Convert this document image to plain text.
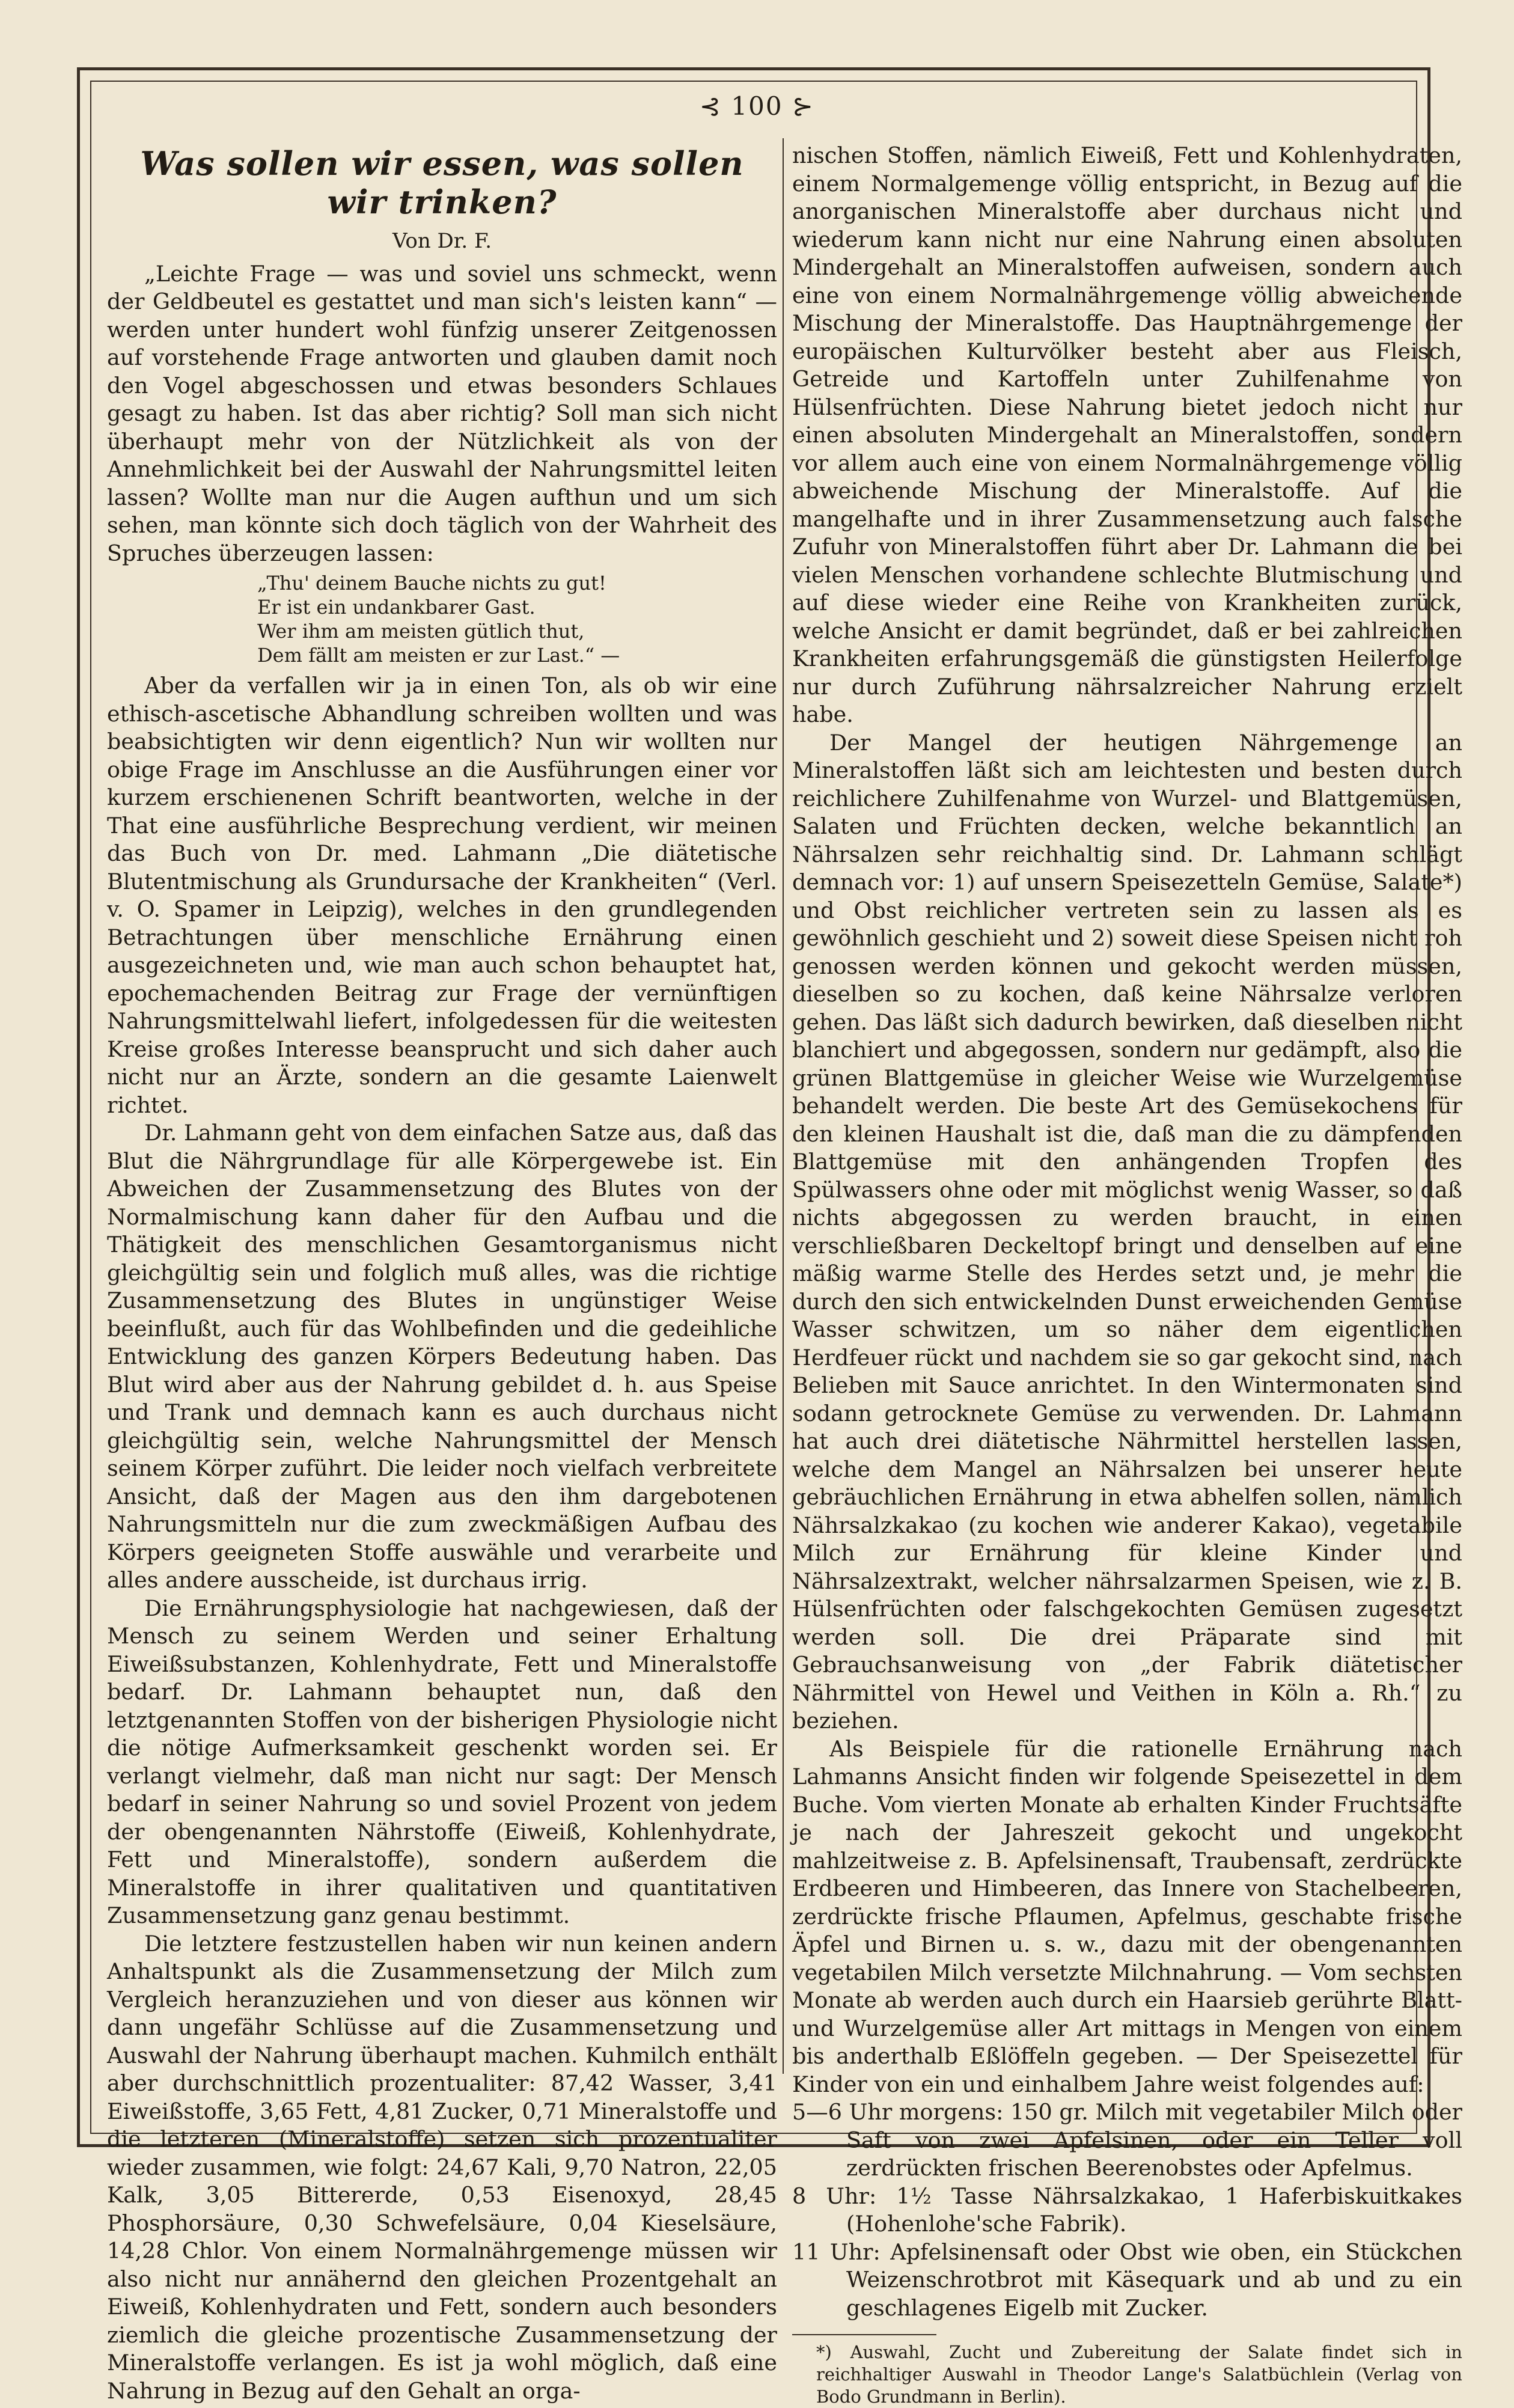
⊰ 100 ⊱
Was sollen wir essen, was sollen wir trinken?
Von Dr. F.

„Leichte Frage — was und soviel uns schmeckt, wenn der Geldbeutel es gestattet und man sich's leisten kann“ — werden unter hundert wohl fünfzig unserer Zeitgenossen auf vorstehende Frage antworten und glauben damit noch den Vogel abgeschossen und etwas besonders Schlaues gesagt zu haben. Ist das aber richtig? Soll man sich nicht überhaupt mehr von der Nützlichkeit als von der Annehmlichkeit bei der Auswahl der Nahrungsmittel leiten lassen? Wollte man nur die Augen aufthun und um sich sehen, man könnte sich doch täglich von der Wahrheit des Spruches überzeugen lassen:

„Thu' deinem Bauche nichts zu gut!
Er ist ein undankbarer Gast.
Wer ihm am meisten gütlich thut,
Dem fällt am meisten er zur Last.“ —

Aber da verfallen wir ja in einen Ton, als ob wir eine ethisch-ascetische Abhandlung schreiben wollten und was beabsichtigten wir denn eigentlich? Nun wir wollten nur obige Frage im Anschlusse an die Ausführungen einer vor kurzem erschienenen Schrift beantworten, welche in der That eine ausführliche Besprechung verdient, wir meinen das Buch von Dr. med. Lahmann „Die diätetische Blutentmischung als Grundursache der Krankheiten“ (Verl. v. O. Spamer in Leipzig), welches in den grundlegenden Betrachtungen über menschliche Ernährung einen ausgezeichneten und, wie man auch schon behauptet hat, epochemachenden Beitrag zur Frage der vernünftigen Nahrungsmittelwahl liefert, infolgedessen für die weitesten Kreise großes Interesse beansprucht und sich daher auch nicht nur an Ärzte, sondern an die gesamte Laienwelt richtet.

Dr. Lahmann geht von dem einfachen Satze aus, daß das Blut die Nährgrundlage für alle Körpergewebe ist. Ein Abweichen der Zusammensetzung des Blutes von der Normalmischung kann daher für den Aufbau und die Thätigkeit des menschlichen Gesamtorganismus nicht gleichgültig sein und folglich muß alles, was die richtige Zusammensetzung des Blutes in ungünstiger Weise beeinflußt, auch für das Wohlbefinden und die gedeihliche Entwicklung des ganzen Körpers Bedeutung haben. Das Blut wird aber aus der Nahrung gebildet d. h. aus Speise und Trank und demnach kann es auch durchaus nicht gleichgültig sein, welche Nahrungsmittel der Mensch seinem Körper zuführt. Die leider noch vielfach verbreitete Ansicht, daß der Magen aus den ihm dargebotenen Nahrungsmitteln nur die zum zweckmäßigen Aufbau des Körpers geeigneten Stoffe auswähle und verarbeite und alles andere ausscheide, ist durchaus irrig.

Die Ernährungsphysiologie hat nachgewiesen, daß der Mensch zu seinem Werden und seiner Erhaltung Eiweißsubstanzen, Kohlenhydrate, Fett und Mineralstoffe bedarf. Dr. Lahmann behauptet nun, daß den letztgenannten Stoffen von der bisherigen Physiologie nicht die nötige Aufmerksamkeit geschenkt worden sei. Er verlangt vielmehr, daß man nicht nur sagt: Der Mensch bedarf in seiner Nahrung so und soviel Prozent von jedem der obengenannten Nährstoffe (Eiweiß, Kohlenhydrate, Fett und Mineralstoffe), sondern außerdem die Mineralstoffe in ihrer qualitativen und quantitativen Zusammensetzung ganz genau bestimmt.

Die letztere festzustellen haben wir nun keinen andern Anhaltspunkt als die Zusammensetzung der Milch zum Vergleich heranzuziehen und von dieser aus können wir dann ungefähr Schlüsse auf die Zusammensetzung und Auswahl der Nahrung überhaupt machen. Kuhmilch enthält aber durchschnittlich prozentualiter: 87,42 Wasser, 3,41 Eiweißstoffe, 3,65 Fett, 4,81 Zucker, 0,71 Mineralstoffe und die letzteren (Mineralstoffe) setzen sich prozentualiter wieder zusammen, wie folgt: 24,67 Kali, 9,70 Natron, 22,05 Kalk, 3,05 Bittererde, 0,53 Eisenoxyd, 28,45 Phosphorsäure, 0,30 Schwefelsäure, 0,04 Kieselsäure, 14,28 Chlor. Von einem Normalnährgemenge müssen wir also nicht nur annähernd den gleichen Prozentgehalt an Eiweiß, Kohlenhydraten und Fett, sondern auch besonders ziemlich die gleiche prozentische Zusammensetzung der Mineralstoffe verlangen. Es ist ja wohl möglich, daß eine Nahrung in Bezug auf den Gehalt an orga-

nischen Stoffen, nämlich Eiweiß, Fett und Kohlenhydraten, einem Normalgemenge völlig entspricht, in Bezug auf die anorganischen Mineralstoffe aber durchaus nicht und wiederum kann nicht nur eine Nahrung einen absoluten Mindergehalt an Mineralstoffen aufweisen, sondern auch eine von einem Normalnährgemenge völlig abweichende Mischung der Mineralstoffe. Das Hauptnährgemenge der europäischen Kulturvölker besteht aber aus Fleisch, Getreide und Kartoffeln unter Zuhilfenahme von Hülsenfrüchten. Diese Nahrung bietet jedoch nicht nur einen absoluten Mindergehalt an Mineralstoffen, sondern vor allem auch eine von einem Normalnährgemenge völlig abweichende Mischung der Mineralstoffe. Auf die mangelhafte und in ihrer Zusammensetzung auch falsche Zufuhr von Mineralstoffen führt aber Dr. Lahmann die bei vielen Menschen vorhandene schlechte Blutmischung und auf diese wieder eine Reihe von Krankheiten zurück, welche Ansicht er damit begründet, daß er bei zahlreichen Krankheiten erfahrungsgemäß die günstigsten Heilerfolge nur durch Zuführung nährsalzreicher Nahrung erzielt habe.

Der Mangel der heutigen Nährgemenge an Mineralstoffen läßt sich am leichtesten und besten durch reichlichere Zuhilfenahme von Wurzel- und Blattgemüsen, Salaten und Früchten decken, welche bekanntlich an Nährsalzen sehr reichhaltig sind. Dr. Lahmann schlägt demnach vor: 1) auf unsern Speisezetteln Gemüse, Salate*) und Obst reichlicher vertreten sein zu lassen als es gewöhnlich geschieht und 2) soweit diese Speisen nicht roh genossen werden können und gekocht werden müssen, dieselben so zu kochen, daß keine Nährsalze verloren gehen. Das läßt sich dadurch bewirken, daß dieselben nicht blanchiert und abgegossen, sondern nur gedämpft, also die grünen Blattgemüse in gleicher Weise wie Wurzelgemüse behandelt werden. Die beste Art des Gemüsekochens für den kleinen Haushalt ist die, daß man die zu dämpfenden Blattgemüse mit den anhängenden Tropfen des Spülwassers ohne oder mit möglichst wenig Wasser, so daß nichts abgegossen zu werden braucht, in einen verschließbaren Deckeltopf bringt und denselben auf eine mäßig warme Stelle des Herdes setzt und, je mehr die durch den sich entwickelnden Dunst erweichenden Gemüse Wasser schwitzen, um so näher dem eigentlichen Herdfeuer rückt und nachdem sie so gar gekocht sind, nach Belieben mit Sauce anrichtet. In den Wintermonaten sind sodann getrocknete Gemüse zu verwenden. Dr. Lahmann hat auch drei diätetische Nährmittel herstellen lassen, welche dem Mangel an Nährsalzen bei unserer heute gebräuchlichen Ernährung in etwa abhelfen sollen, nämlich Nährsalzkakao (zu kochen wie anderer Kakao), vegetabile Milch zur Ernährung für kleine Kinder und Nährsalzextrakt, welcher nährsalzarmen Speisen, wie z. B. Hülsenfrüchten oder falschgekochten Gemüsen zugesetzt werden soll. Die drei Präparate sind mit Gebrauchsanweisung von „der Fabrik diätetischer Nährmittel von Hewel und Veithen in Köln a. Rh.“ zu beziehen.

Als Beispiele für die rationelle Ernährung nach Lahmanns Ansicht finden wir folgende Speisezettel in dem Buche. Vom vierten Monate ab erhalten Kinder Fruchtsäfte je nach der Jahreszeit gekocht und ungekocht mahlzeitweise z. B. Apfelsinensaft, Traubensaft, zerdrückte Erdbeeren und Himbeeren, das Innere von Stachelbeeren, zerdrückte frische Pflaumen, Apfelmus, geschabte frische Äpfel und Birnen u. s. w., dazu mit der obengenannten vegetabilen Milch versetzte Milchnahrung. — Vom sechsten Monate ab werden auch durch ein Haarsieb gerührte Blatt- und Wurzelgemüse aller Art mittags in Mengen von einem bis anderthalb Eßlöffeln gegeben. — Der Speisezettel für Kinder von ein und einhalbem Jahre weist folgendes auf:

5—6 Uhr morgens: 150 gr. Milch mit vegetabiler Milch oder Saft von zwei Apfelsinen, oder ein Teller voll zerdrückten frischen Beerenobstes oder Apfelmus.

8 Uhr: 1½ Tasse Nährsalzkakao, 1 Haferbiskuitkakes (Hohenlohe'sche Fabrik).

11 Uhr: Apfelsinensaft oder Obst wie oben, ein Stückchen Weizenschrotbrot mit Käsequark und ab und zu ein geschlagenes Eigelb mit Zucker.

*) Auswahl, Zucht und Zubereitung der Salate findet sich in reichhaltiger Auswahl in Theodor Lange's Salatbüchlein (Verlag von Bodo Grundmann in Berlin).
